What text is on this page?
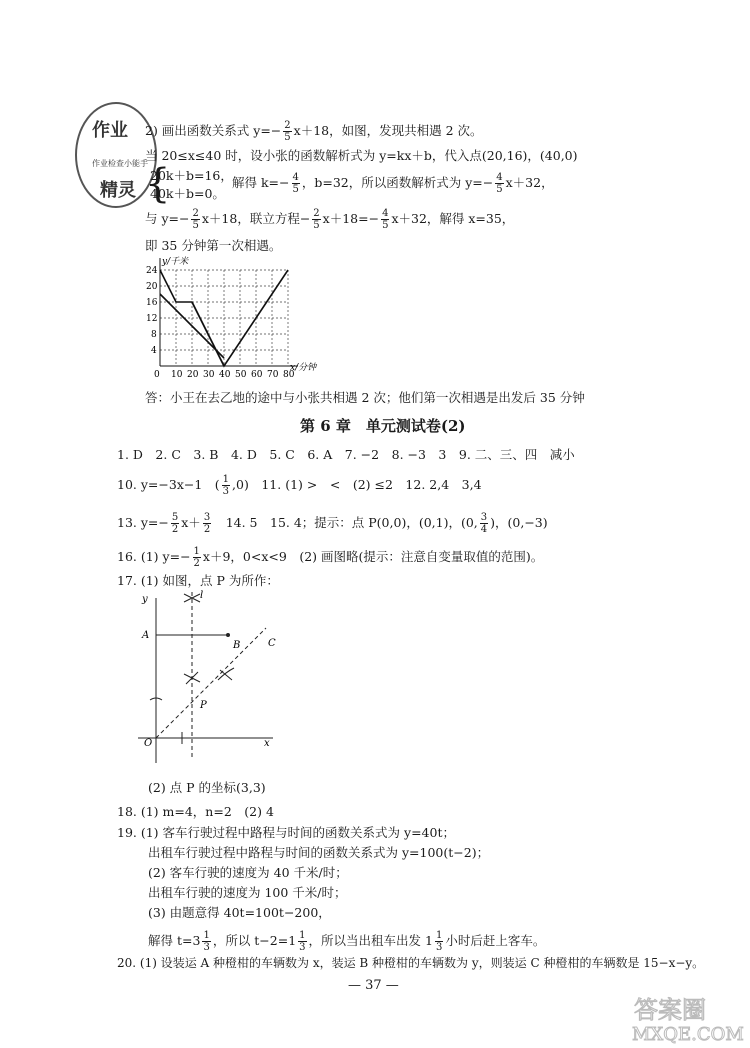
作业
作业检查小能手
精灵
2) 画出函数关系式 $y=- \frac{2}{5} x+18$，如图，发现共相遇 2 次。
当 20≤x≤40 时，设小张的函数解析式为 y=kx＋b，代入点(20,16)，(40,0)
20k＋b=16，
40k＋b=0。
{	解得 $k=- \frac{4}{5}$ ，b=32，所以函数解析式为 $y=- \frac{4}{5} x+32$，
与 $y=- \frac{2}{5} x+18$，联立方程− $\frac{2}{5} x+18=- \frac{4}{5} x+32$，解得 x=35，
即 35 分钟第一次相遇。
0 10 20 30 40 50 60 70 80
4
8
12
16
20
24
y/千米
x/分钟
答：小王在去乙地的途中与小张共相遇 2 次；他们第一次相遇是出发后 35 分钟
第 6 章　单元测试卷(2)
1. D　2. C　3. B　4. D　5. C　6. A　7. −2　8. −3　3　9. 二、三、四　减小
10. y=−3x−1　( $\frac{1}{3} ,0$)　11. (1) >　<　(2) ≤2　12. 2,4　3,4
13. $y=- \frac{5}{2} x+ \frac{3}{2}$ 　14. 5　15. 4；提示：点 P(0,0)，(0,1)，(0, $\frac{3}{4}$ )，(0,−3)
16. (1) $y=- \frac{1}{2} x+9$，0<x<9　(2) 画图略(提示：注意自变量取值的范围)。
17. (1) 如图，点 P 为所作：
y
x
O
A
B
l
C
P
(2) 点 P 的坐标(3,3)
18. (1) m=4，n=2　(2) 4
19. (1) 客车行驶过程中路程与时间的函数关系式为 y=40t；
出租车行驶过程中路程与时间的函数关系式为 y=100(t−2)；
(2) 客车行驶的速度为 40 千米/时；
出租车行驶的速度为 100 千米/时；
(3) 由题意得 40t=100t−200，
解得 $t=3 \frac{1}{3}$ ，所以 $t-2=1 \frac{1}{3}$ ，所以当出租车出发 $1 \frac{1}{3}$ 小时后赶上客车。
20. (1) 设装运 A 种橙柑的车辆数为 x，装运 B 种橙柑的车辆数为 y，则装运 C 种橙柑的车辆数是 15−x−y。
— 37 —
答案圈
MXQE.COM
